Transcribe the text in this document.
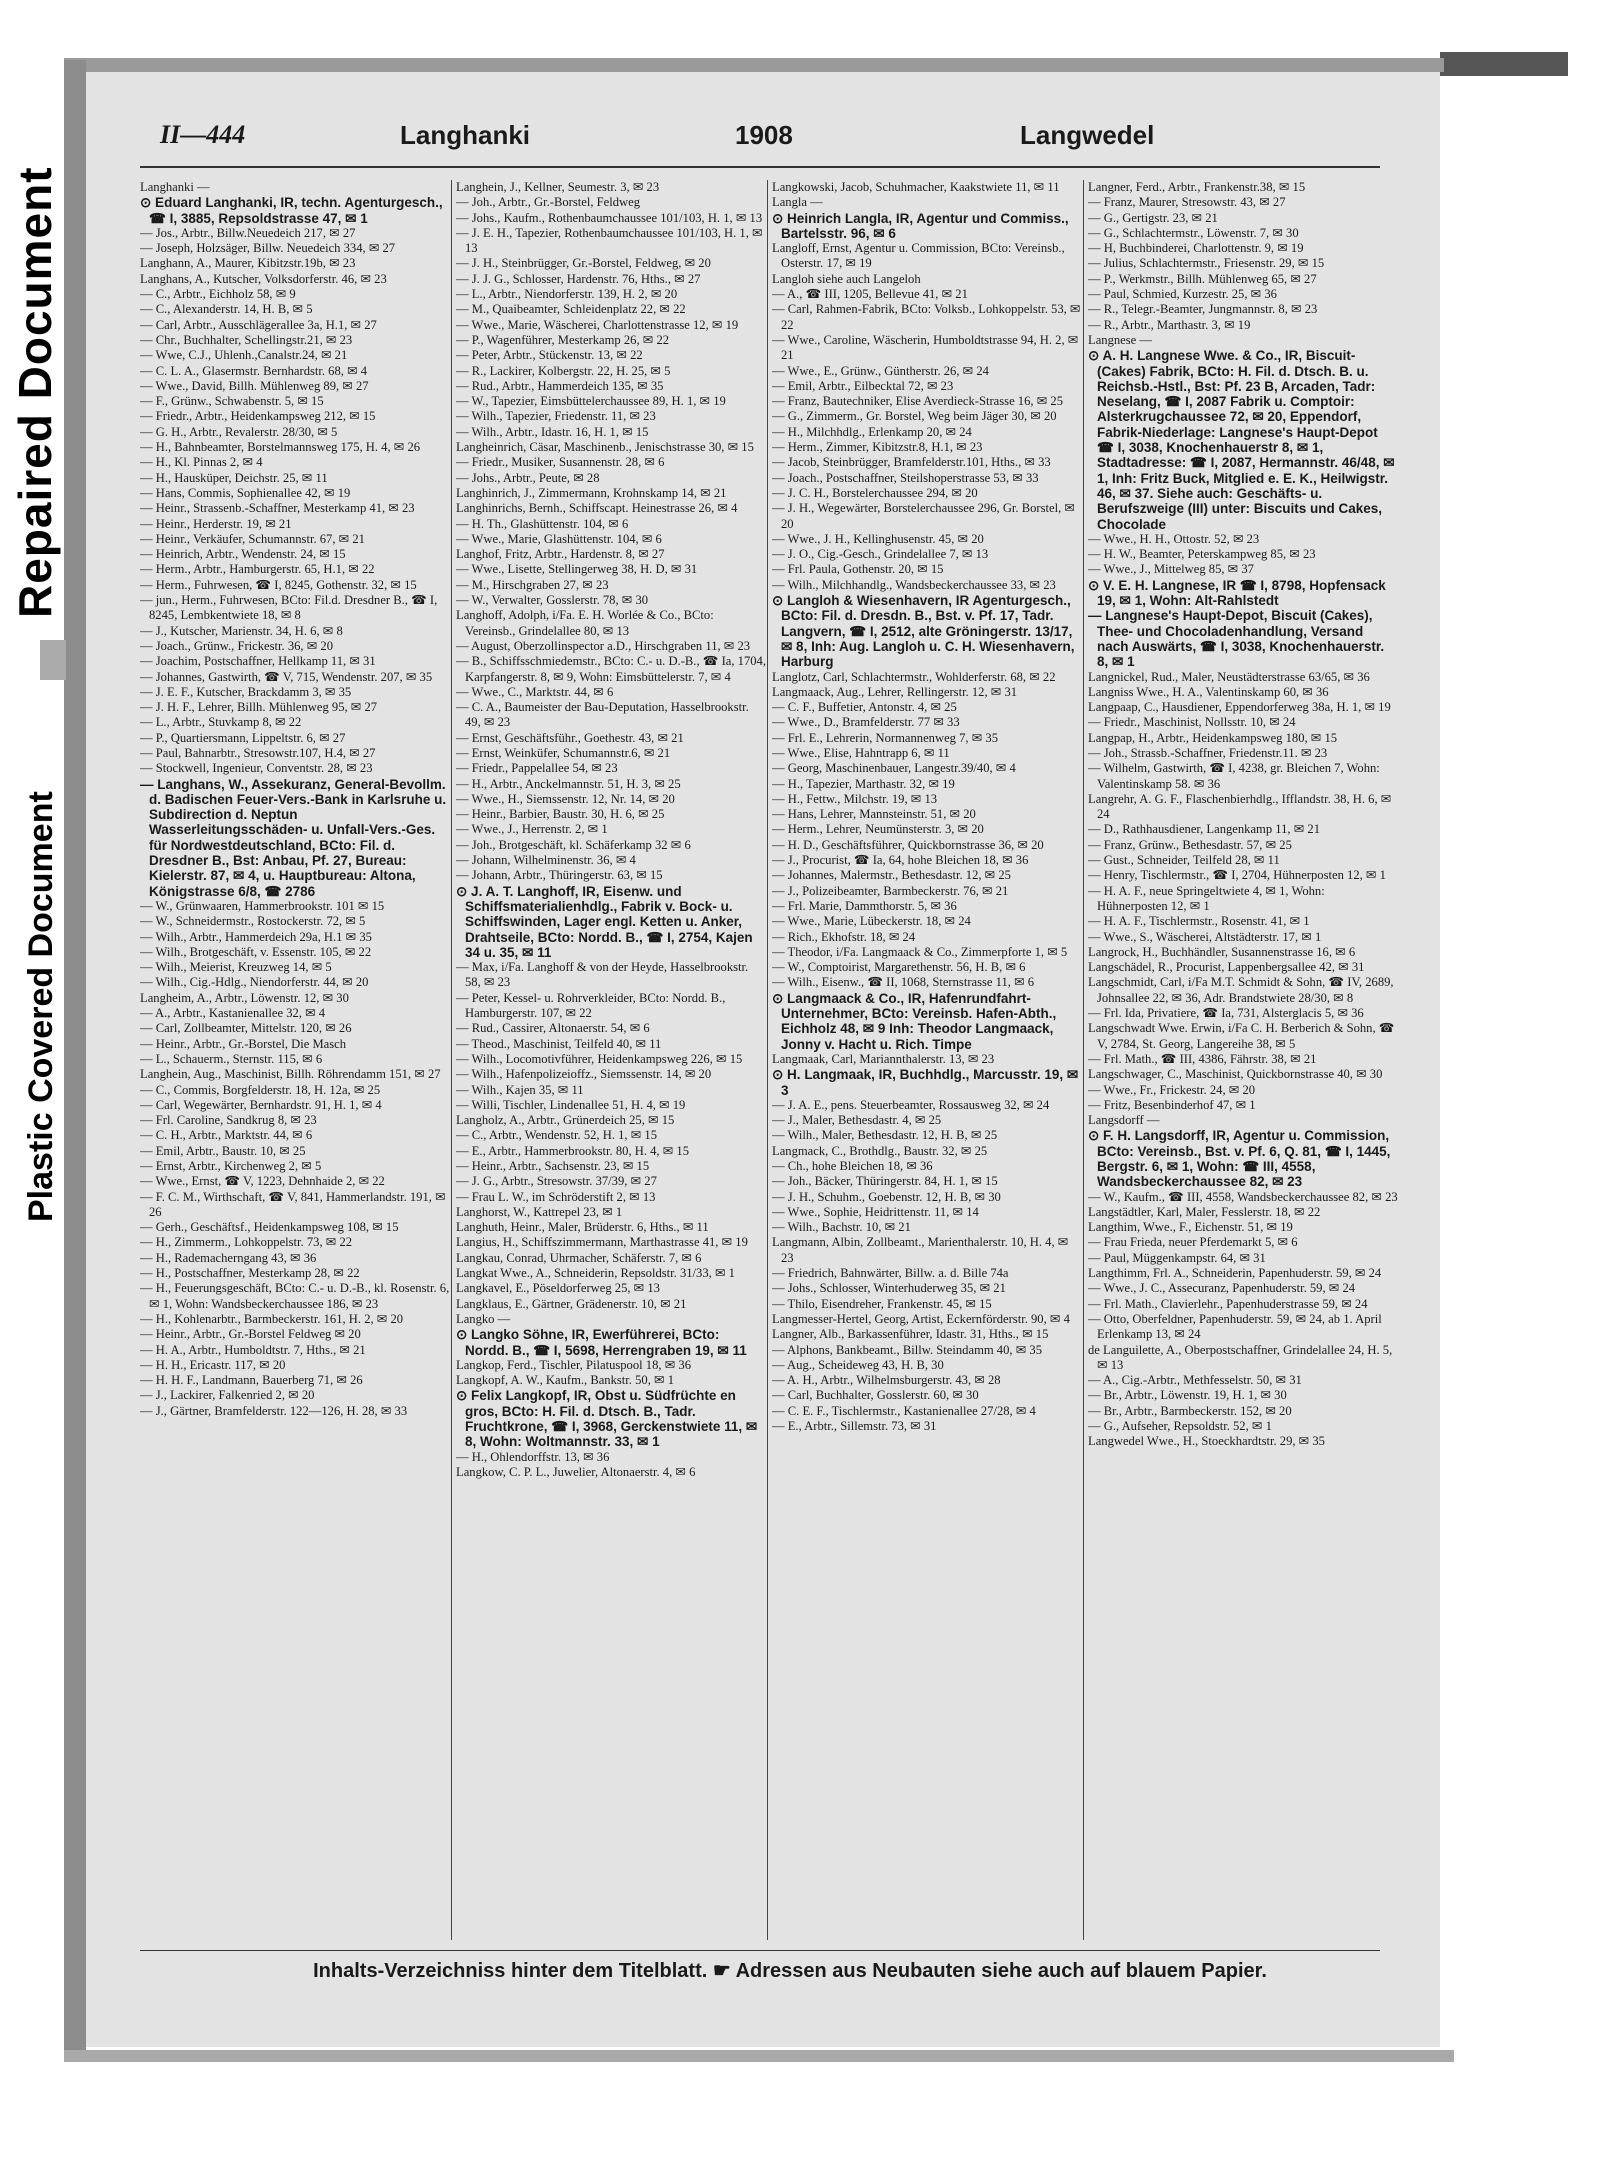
Repaired Document
Plastic Covered Document
II—444	Langhanki	1908	Langwedel

Langhanki —

⊙ Eduard Langhanki, IR, techn. Agenturgesch., ☎ I, 3885, Repsoldstrasse 47, ✉ 1

— Jos., Arbtr., Billw.Neuedeich 217, ✉ 27

— Joseph, Holzsäger, Billw. Neuedeich 334, ✉ 27

Langhann, A., Maurer, Kibitzstr.19b, ✉ 23

Langhans, A., Kutscher, Volksdorferstr. 46, ✉ 23

— C., Arbtr., Eichholz 58, ✉ 9

— C., Alexanderstr. 14, H. B, ✉ 5

— Carl, Arbtr., Ausschlägerallee 3a, H.1, ✉ 27

— Chr., Buchhalter, Schellingstr.21, ✉ 23

— Wwe, C.J., Uhlenh.,Canalstr.24, ✉ 21

— C. L. A., Glasermstr. Bernhardstr. 68, ✉ 4

— Wwe., David, Billh. Mühlenweg 89, ✉ 27

— F., Grünw., Schwabenstr. 5, ✉ 15

— Friedr., Arbtr., Heidenkampsweg 212, ✉ 15

— G. H., Arbtr., Revalerstr. 28/30, ✉ 5

— H., Bahnbeamter, Borstelmannsweg 175, H. 4, ✉ 26

— H., Kl. Pinnas 2, ✉ 4

— H., Hausküper, Deichstr. 25, ✉ 11

— Hans, Commis, Sophienallee 42, ✉ 19

— Heinr., Strassenb.-Schaffner, Mesterkamp 41, ✉ 23

— Heinr., Herderstr. 19, ✉ 21

— Heinr., Verkäufer, Schumannstr. 67, ✉ 21

— Heinrich, Arbtr., Wendenstr. 24, ✉ 15

— Herm., Arbtr., Hamburgerstr. 65, H.1, ✉ 22

— Herm., Fuhrwesen, ☎ I, 8245, Gothenstr. 32, ✉ 15

— jun., Herm., Fuhrwesen, BCto: Fil.d. Dresdner B., ☎ I, 8245, Lembkentwiete 18, ✉ 8

— J., Kutscher, Marienstr. 34, H. 6, ✉ 8

— Joach., Grünw., Frickestr. 36, ✉ 20

— Joachim, Postschaffner, Hellkamp 11, ✉ 31

— Johannes, Gastwirth, ☎ V, 715, Wendenstr. 207, ✉ 35

— J. E. F., Kutscher, Brackdamm 3, ✉ 35

— J. H. F., Lehrer, Billh. Mühlenweg 95, ✉ 27

— L., Arbtr., Stuvkamp 8, ✉ 22

— P., Quartiersmann, Lippeltstr. 6, ✉ 27

— Paul, Bahnarbtr., Stresowstr.107, H.4, ✉ 27

— Stockwell, Ingenieur, Conventstr. 28, ✉ 23

— Langhans, W., Assekuranz, General-Bevollm. d. Badischen Feuer-Vers.-Bank in Karlsruhe u. Subdirection d. Neptun Wasserleitungsschäden- u. Unfall-Vers.-Ges. für Nordwestdeutschland, BCto: Fil. d. Dresdner B., Bst: Anbau, Pf. 27, Bureau: Kielerstr. 87, ✉ 4, u. Hauptbureau: Altona, Königstrasse 6/8, ☎ 2786

— W., Grünwaaren, Hammerbrookstr. 101 ✉ 15

— W., Schneidermstr., Rostockerstr. 72, ✉ 5

— Wilh., Arbtr., Hammerdeich 29a, H.1 ✉ 35

— Wilh., Brotgeschäft, v. Essenstr. 105, ✉ 22

— Wilh., Meierist, Kreuzweg 14, ✉ 5

— Wilh., Cig.-Hdlg., Niendorferstr. 44, ✉ 20

Langheim, A., Arbtr., Löwenstr. 12, ✉ 30

— A., Arbtr., Kastanienallee 32, ✉ 4

— Carl, Zollbeamter, Mittelstr. 120, ✉ 26

— Heinr., Arbtr., Gr.-Borstel, Die Masch

— L., Schauerm., Sternstr. 115, ✉ 6

Langhein, Aug., Maschinist, Billh. Röhrendamm 151, ✉ 27

— C., Commis, Borgfelderstr. 18, H. 12a, ✉ 25

— Carl, Wegewärter, Bernhardstr. 91, H. 1, ✉ 4

— Frl. Caroline, Sandkrug 8, ✉ 23

— C. H., Arbtr., Marktstr. 44, ✉ 6

— Emil, Arbtr., Baustr. 10, ✉ 25

— Ernst, Arbtr., Kirchenweg 2, ✉ 5

— Wwe., Ernst, ☎ V, 1223, Dehnhaide 2, ✉ 22

— F. C. M., Wirthschaft, ☎ V, 841, Hammerlandstr. 191, ✉ 26

— Gerh., Geschäftsf., Heidenkampsweg 108, ✉ 15

— H., Zimmerm., Lohkoppelstr. 73, ✉ 22

— H., Rademacherngang 43, ✉ 36

— H., Postschaffner, Mesterkamp 28, ✉ 22

— H., Feuerungsgeschäft, BCto: C.- u. D.-B., kl. Rosenstr. 6, ✉ 1, Wohn: Wandsbeckerchaussee 186, ✉ 23

— H., Kohlenarbtr., Barmbeckerstr. 161, H. 2, ✉ 20

— Heinr., Arbtr., Gr.-Borstel Feldweg ✉ 20

— H. A., Arbtr., Humboldtstr. 7, Hths., ✉ 21

— H. H., Ericastr. 117, ✉ 20

— H. H. F., Landmann, Bauerberg 71, ✉ 26

— J., Lackirer, Falkenried 2, ✉ 20

— J., Gärtner, Bramfelderstr. 122—126, H. 28, ✉ 33

Langhein, J., Kellner, Seumestr. 3, ✉ 23

— Joh., Arbtr., Gr.-Borstel, Feldweg

— Johs., Kaufm., Rothenbaumchaussee 101/103, H. 1, ✉ 13

— J. E. H., Tapezier, Rothenbaumchaussee 101/103, H. 1, ✉ 13

— J. H., Steinbrügger, Gr.-Borstel, Feldweg, ✉ 20

— J. J. G., Schlosser, Hardenstr. 76, Hths., ✉ 27

— L., Arbtr., Niendorferstr. 139, H. 2, ✉ 20

— M., Quaibeamter, Schleidenplatz 22, ✉ 22

— Wwe., Marie, Wäscherei, Charlottenstrasse 12, ✉ 19

— P., Wagenführer, Mesterkamp 26, ✉ 22

— Peter, Arbtr., Stückenstr. 13, ✉ 22

— R., Lackirer, Kolbergstr. 22, H. 25, ✉ 5

— Rud., Arbtr., Hammerdeich 135, ✉ 35

— W., Tapezier, Eimsbüttelerchaussee 89, H. 1, ✉ 19

— Wilh., Tapezier, Friedenstr. 11, ✉ 23

— Wilh., Arbtr., Idastr. 16, H. 1, ✉ 15

Langheinrich, Cäsar, Maschinenb., Jenischstrasse 30, ✉ 15

— Friedr., Musiker, Susannenstr. 28, ✉ 6

— Johs., Arbtr., Peute, ✉ 28

Langhinrich, J., Zimmermann, Krohnskamp 14, ✉ 21

Langhinrichs, Bernh., Schiffscapt. Heinestrasse 26, ✉ 4

— H. Th., Glashüttenstr. 104, ✉ 6

— Wwe., Marie, Glashüttenstr. 104, ✉ 6

Langhof, Fritz, Arbtr., Hardenstr. 8, ✉ 27

— Wwe., Lisette, Stellingerweg 38, H. D, ✉ 31

— M., Hirschgraben 27, ✉ 23

— W., Verwalter, Gosslerstr. 78, ✉ 30

Langhoff, Adolph, i/Fa. E. H. Worlée & Co., BCto: Vereinsb., Grindelallee 80, ✉ 13

— August, Oberzollinspector a.D., Hirschgraben 11, ✉ 23

— B., Schiffsschmiedemstr., BCto: C.- u. D.-B., ☎ Ia, 1704, Karpfangerstr. 8, ✉ 9, Wohn: Eimsbüttelerstr. 7, ✉ 4

— Wwe., C., Marktstr. 44, ✉ 6

— C. A., Baumeister der Bau-Deputation, Hasselbrookstr. 49, ✉ 23

— Ernst, Geschäftsführ., Goethestr. 43, ✉ 21

— Ernst, Weinküfer, Schumannstr.6, ✉ 21

— Friedr., Pappelallee 54, ✉ 23

— H., Arbtr., Anckelmannstr. 51, H. 3, ✉ 25

— Wwe., H., Siemssenstr. 12, Nr. 14, ✉ 20

— Heinr., Barbier, Baustr. 30, H. 6, ✉ 25

— Wwe., J., Herrenstr. 2, ✉ 1

— Joh., Brotgeschäft, kl. Schäferkamp 32 ✉ 6

— Johann, Wilhelminenstr. 36, ✉ 4

— Johann, Arbtr., Thüringerstr. 63, ✉ 15

⊙ J. A. T. Langhoff, IR, Eisenw. und Schiffsmaterialienhdlg., Fabrik v. Bock- u. Schiffswinden, Lager engl. Ketten u. Anker, Drahtseile, BCto: Nordd. B., ☎ I, 2754, Kajen 34 u. 35, ✉ 11

— Max, i/Fa. Langhoff & von der Heyde, Hasselbrookstr. 58, ✉ 23

— Peter, Kessel- u. Rohrverkleider, BCto: Nordd. B., Hamburgerstr. 107, ✉ 22

— Rud., Cassirer, Altonaerstr. 54, ✉ 6

— Theod., Maschinist, Teilfeld 40, ✉ 11

— Wilh., Locomotivführer, Heidenkampsweg 226, ✉ 15

— Wilh., Hafenpolizeioffz., Siemssenstr. 14, ✉ 20

— Wilh., Kajen 35, ✉ 11

— Willi, Tischler, Lindenallee 51, H. 4, ✉ 19

Langholz, A., Arbtr., Grünerdeich 25, ✉ 15

— C., Arbtr., Wendenstr. 52, H. 1, ✉ 15

— E., Arbtr., Hammerbrookstr. 80, H. 4, ✉ 15

— Heinr., Arbtr., Sachsenstr. 23, ✉ 15

— J. G., Arbtr., Stresowstr. 37/39, ✉ 27

— Frau L. W., im Schröderstift 2, ✉ 13

Langhorst, W., Kattrepel 23, ✉ 1

Langhuth, Heinr., Maler, Brüderstr. 6, Hths., ✉ 11

Langius, H., Schiffszimmermann, Marthastrasse 41, ✉ 19

Langkau, Conrad, Uhrmacher, Schäferstr. 7, ✉ 6

Langkat Wwe., A., Schneiderin, Repsoldstr. 31/33, ✉ 1

Langkavel, E., Pöseldorferweg 25, ✉ 13

Langklaus, E., Gärtner, Grädenerstr. 10, ✉ 21

Langko —

⊙ Langko Söhne, IR, Ewerführerei, BCto: Nordd. B., ☎ I, 5698, Herrengraben 19, ✉ 11

Langkop, Ferd., Tischler, Pilatuspool 18, ✉ 36

Langkopf, A. W., Kaufm., Bankstr. 50, ✉ 1

⊙ Felix Langkopf, IR, Obst u. Südfrüchte en gros, BCto: H. Fil. d. Dtsch. B., Tadr. Fruchtkrone, ☎ I, 3968, Gerckenstwiete 11, ✉ 8, Wohn: Woltmannstr. 33, ✉ 1

— H., Ohlendorffstr. 13, ✉ 36

Langkow, C. P. L., Juwelier, Altonaerstr. 4, ✉ 6

Langkowski, Jacob, Schuhmacher, Kaakstwiete 11, ✉ 11

Langla —

⊙ Heinrich Langla, IR, Agentur und Commiss., Bartelsstr. 96, ✉ 6

Langloff, Ernst, Agentur u. Commission, BCto: Vereinsb., Osterstr. 17, ✉ 19

Langloh siehe auch Langeloh

— A., ☎ III, 1205, Bellevue 41, ✉ 21

— Carl, Rahmen-Fabrik, BCto: Volksb., Lohkoppelstr. 53, ✉ 22

— Wwe., Caroline, Wäscherin, Humboldtstrasse 94, H. 2, ✉ 21

— Wwe., E., Grünw., Güntherstr. 26, ✉ 24

— Emil, Arbtr., Eilbecktal 72, ✉ 23

— Franz, Bautechniker, Elise Averdieck-Strasse 16, ✉ 25

— G., Zimmerm., Gr. Borstel, Weg beim Jäger 30, ✉ 20

— H., Milchhdlg., Erlenkamp 20, ✉ 24

— Herm., Zimmer, Kibitzstr.8, H.1, ✉ 23

— Jacob, Steinbrügger, Bramfelderstr.101, Hths., ✉ 33

— Joach., Postschaffner, Steilshoperstrasse 53, ✉ 33

— J. C. H., Borstelerchaussee 294, ✉ 20

— J. H., Wegewärter, Borstelerchaussee 296, Gr. Borstel, ✉ 20

— Wwe., J. H., Kellinghusenstr. 45, ✉ 20

— J. O., Cig.-Gesch., Grindelallee 7, ✉ 13

— Frl. Paula, Gothenstr. 20, ✉ 15

— Wilh., Milchhandlg., Wandsbeckerchaussee 33, ✉ 23

⊙ Langloh & Wiesenhavern, IR Agenturgesch., BCto: Fil. d. Dresdn. B., Bst. v. Pf. 17, Tadr. Langvern, ☎ I, 2512, alte Gröningerstr. 13/17, ✉ 8, Inh: Aug. Langloh u. C. H. Wiesenhavern, Harburg

Langlotz, Carl, Schlachtermstr., Wohlderferstr. 68, ✉ 22

Langmaack, Aug., Lehrer, Rellingerstr. 12, ✉ 31

— C. F., Buffetier, Antonstr. 4, ✉ 25

— Wwe., D., Bramfelderstr. 77 ✉ 33

— Frl. E., Lehrerin, Normannenweg 7, ✉ 35

— Wwe., Elise, Hahntrapp 6, ✉ 11

— Georg, Maschinenbauer, Langestr.39/40, ✉ 4

— H., Tapezier, Marthastr. 32, ✉ 19

— H., Fettw., Milchstr. 19, ✉ 13

— Hans, Lehrer, Mannsteinstr. 51, ✉ 20

— Herm., Lehrer, Neumünsterstr. 3, ✉ 20

— H. D., Geschäftsführer, Quickbornstrasse 36, ✉ 20

— J., Procurist, ☎ Ia, 64, hohe Bleichen 18, ✉ 36

— Johannes, Malermstr., Bethesdastr. 12, ✉ 25

— J., Polizeibeamter, Barmbeckerstr. 76, ✉ 21

— Frl. Marie, Dammthorstr. 5, ✉ 36

— Wwe., Marie, Lübeckerstr. 18, ✉ 24

— Rich., Ekhofstr. 18, ✉ 24

— Theodor, i/Fa. Langmaack & Co., Zimmerpforte 1, ✉ 5

— W., Comptoirist, Margarethenstr. 56, H. B, ✉ 6

— Wilh., Eisenw., ☎ II, 1068, Sternstrasse 11, ✉ 6

⊙ Langmaack & Co., IR, Hafenrundfahrt-Unternehmer, BCto: Vereinsb. Hafen-Abth., Eichholz 48, ✉ 9 Inh: Theodor Langmaack, Jonny v. Hacht u. Rich. Timpe

Langmaak, Carl, Mariannthalerstr. 13, ✉ 23

⊙ H. Langmaak, IR, Buchhdlg., Marcusstr. 19, ✉ 3

— J. A. E., pens. Steuerbeamter, Rossausweg 32, ✉ 24

— J., Maler, Bethesdastr. 4, ✉ 25

— Wilh., Maler, Bethesdastr. 12, H. B, ✉ 25

Langmack, C., Brothdlg., Baustr. 32, ✉ 25

— Ch., hohe Bleichen 18, ✉ 36

— Joh., Bäcker, Thüringerstr. 84, H. 1, ✉ 15

— J. H., Schuhm., Goebenstr. 12, H. B, ✉ 30

— Wwe., Sophie, Heidrittenstr. 11, ✉ 14

— Wilh., Bachstr. 10, ✉ 21

Langmann, Albin, Zollbeamt., Marienthalerstr. 10, H. 4, ✉ 23

— Friedrich, Bahnwärter, Billw. a. d. Bille 74a

— Johs., Schlosser, Winterhuderweg 35, ✉ 21

— Thilo, Eisendreher, Frankenstr. 45, ✉ 15

Langmesser-Hertel, Georg, Artist, Eckernförderstr. 90, ✉ 4

Langner, Alb., Barkassenführer, Idastr. 31, Hths., ✉ 15

— Alphons, Bankbeamt., Billw. Steindamm 40, ✉ 35

— Aug., Scheideweg 43, H. B, 30

— A. H., Arbtr., Wilhelmsburgerstr. 43, ✉ 28

— Carl, Buchhalter, Gosslerstr. 60, ✉ 30

— C. E. F., Tischlermstr., Kastanienallee 27/28, ✉ 4

— E., Arbtr., Sillemstr. 73, ✉ 31

Langner, Ferd., Arbtr., Frankenstr.38, ✉ 15

— Franz, Maurer, Stresowstr. 43, ✉ 27

— G., Gertigstr. 23, ✉ 21

— G., Schlachtermstr., Löwenstr. 7, ✉ 30

— H, Buchbinderei, Charlottenstr. 9, ✉ 19

— Julius, Schlachtermstr., Friesenstr. 29, ✉ 15

— P., Werkmstr., Billh. Mühlenweg 65, ✉ 27

— Paul, Schmied, Kurzestr. 25, ✉ 36

— R., Telegr.-Beamter, Jungmannstr. 8, ✉ 23

— R., Arbtr., Marthastr. 3, ✉ 19

Langnese —

⊙ A. H. Langnese Wwe. & Co., IR, Biscuit- (Cakes) Fabrik, BCto: H. Fil. d. Dtsch. B. u. Reichsb.-Hstl., Bst: Pf. 23 B, Arcaden, Tadr: Neselang, ☎ I, 2087 Fabrik u. Comptoir: Alsterkrugchaussee 72, ✉ 20, Eppendorf, Fabrik-Niederlage: Langnese's Haupt-Depot ☎ I, 3038, Knochenhauerstr 8, ✉ 1, Stadtadresse: ☎ I, 2087, Hermannstr. 46/48, ✉ 1, Inh: Fritz Buck, Mitglied e. E. K., Heilwigstr. 46, ✉ 37. Siehe auch: Geschäfts- u. Berufszweige (III) unter: Biscuits und Cakes, Chocolade

— Wwe., H. H., Ottostr. 52, ✉ 23

— H. W., Beamter, Peterskampweg 85, ✉ 23

— Wwe., J., Mittelweg 85, ✉ 37

⊙ V. E. H. Langnese, IR ☎ I, 8798, Hopfensack 19, ✉ 1, Wohn: Alt-Rahlstedt

— Langnese's Haupt-Depot, Biscuit (Cakes), Thee- und Chocoladenhandlung, Versand nach Auswärts, ☎ I, 3038, Knochenhauerstr. 8, ✉ 1

Langnickel, Rud., Maler, Neustädterstrasse 63/65, ✉ 36

Langniss Wwe., H. A., Valentinskamp 60, ✉ 36

Langpaap, C., Hausdiener, Eppendorferweg 38a, H. 1, ✉ 19

— Friedr., Maschinist, Nollsstr. 10, ✉ 24

Langpap, H., Arbtr., Heidenkampsweg 180, ✉ 15

— Joh., Strassb.-Schaffner, Friedenstr.11. ✉ 23

— Wilhelm, Gastwirth, ☎ I, 4238, gr. Bleichen 7, Wohn: Valentinskamp 58. ✉ 36

Langrehr, A. G. F., Flaschenbierhdlg., Ifflandstr. 38, H. 6, ✉ 24

— D., Rathhausdiener, Langenkamp 11, ✉ 21

— Franz, Grünw., Bethesdastr. 57, ✉ 25

— Gust., Schneider, Teilfeld 28, ✉ 11

— Henry, Tischlermstr., ☎ I, 2704, Hühnerposten 12, ✉ 1

— H. A. F., neue Springeltwiete 4, ✉ 1, Wohn: Hühnerposten 12, ✉ 1

— H. A. F., Tischlermstr., Rosenstr. 41, ✉ 1

— Wwe., S., Wäscherei, Altstädterstr. 17, ✉ 1

Langrock, H., Buchhändler, Susannenstrasse 16, ✉ 6

Langschädel, R., Procurist, Lappenbergsallee 42, ✉ 31

Langschmidt, Carl, i/Fa M.T. Schmidt & Sohn, ☎ IV, 2689, Johnsallee 22, ✉ 36, Adr. Brandstwiete 28/30, ✉ 8

— Frl. Ida, Privatiere, ☎ Ia, 731, Alsterglacis 5, ✉ 36

Langschwadt Wwe. Erwin, i/Fa C. H. Berberich & Sohn, ☎ V, 2784, St. Georg, Langereihe 38, ✉ 5

— Frl. Math., ☎ III, 4386, Fährstr. 38, ✉ 21

Langschwager, C., Maschinist, Quickbornstrasse 40, ✉ 30

— Wwe., Fr., Frickestr. 24, ✉ 20

— Fritz, Besenbinderhof 47, ✉ 1

Langsdorff —

⊙ F. H. Langsdorff, IR, Agentur u. Commission, BCto: Vereinsb., Bst. v. Pf. 6, Q. 81, ☎ I, 1445, Bergstr. 6, ✉ 1, Wohn: ☎ III, 4558, Wandsbeckerchaussee 82, ✉ 23

— W., Kaufm., ☎ III, 4558, Wandsbeckerchaussee 82, ✉ 23

Langstädtler, Karl, Maler, Fesslerstr. 18, ✉ 22

Langthim, Wwe., F., Eichenstr. 51, ✉ 19

— Frau Frieda, neuer Pferdemarkt 5, ✉ 6

— Paul, Müggenkampstr. 64, ✉ 31

Langthimm, Frl. A., Schneiderin, Papenhuderstr. 59, ✉ 24

— Wwe., J. C., Assecuranz, Papenhuderstr. 59, ✉ 24

— Frl. Math., Clavierlehr., Papenhuderstrasse 59, ✉ 24

— Otto, Oberfeldner, Papenhuderstr. 59, ✉ 24, ab 1. April Erlenkamp 13, ✉ 24

de Languilette, A., Oberpostschaffner, Grindelallee 24, H. 5, ✉ 13

— A., Cig.-Arbtr., Methfesselstr. 50, ✉ 31

— Br., Arbtr., Löwenstr. 19, H. 1, ✉ 30

— Br., Arbtr., Barmbeckerstr. 152, ✉ 20

— G., Aufseher, Repsoldstr. 52, ✉ 1

Langwedel Wwe., H., Stoeckhardtstr. 29, ✉ 35

Inhalts-Verzeichniss hinter dem Titelblatt. ☛ Adressen aus Neubauten siehe auch auf blauem Papier.
